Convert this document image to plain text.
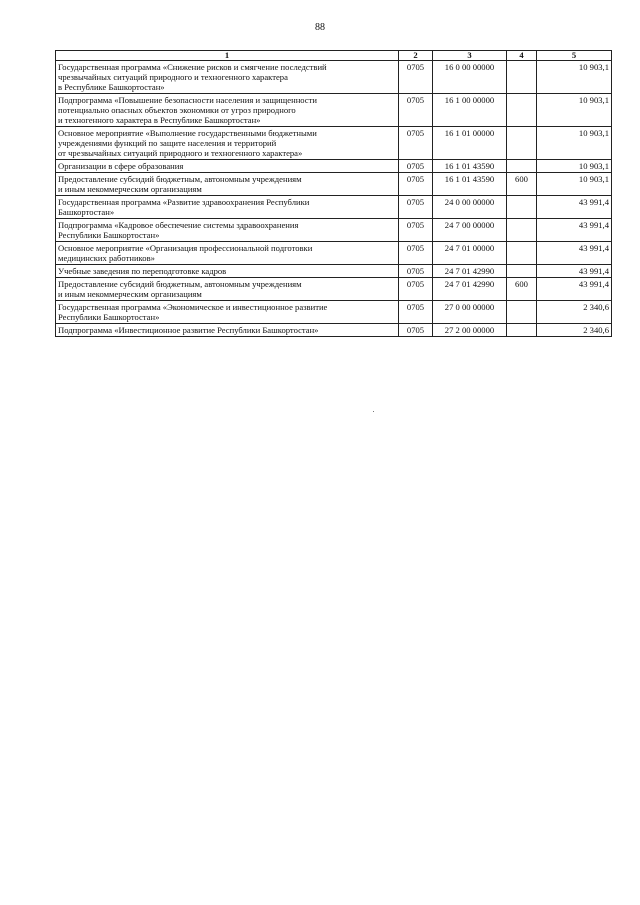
88
1	2	3	4	5

Государственная программа «Снижение рисков и смягчение последствий
чрезвычайных ситуаций природного и техногенного характера
в Республике Башкортостан»	0705	16 0 00 00000		10 903,1

Подпрограмма «Повышение безопасности населения и защищенности
потенциально опасных объектов экономики от угроз природного
и техногенного характера в Республике Башкортостан»	0705	16 1 00 00000		10 903,1

Основное мероприятие «Выполнение государственными бюджетными
учреждениями функций по защите населения и территорий
от чрезвычайных ситуаций природного и техногенного характера»	0705	16 1 01 00000		10 903,1

Организации в сфере образования	0705	16 1 01 43590		10 903,1

Предоставление субсидий бюджетным, автономным учреждениям
и иным некоммерческим организациям	0705	16 1 01 43590	600	10 903,1

Государственная программа «Развитие здравоохранения Республики
Башкортостан»	0705	24 0 00 00000		43 991,4

Подпрограмма «Кадровое обеспечение системы здравоохранения
Республики Башкортостан»	0705	24 7 00 00000		43 991,4

Основное мероприятие «Организация профессиональной подготовки
медицинских работников»	0705	24 7 01 00000		43 991,4

Учебные заведения по переподготовке кадров	0705	24 7 01 42990		43 991,4

Предоставление субсидий бюджетным, автономным учреждениям
и иным некоммерческим организациям	0705	24 7 01 42990	600	43 991,4

Государственная программа «Экономическое и инвестиционное развитие
Республики Башкортостан»	0705	27 0 00 00000		2 340,6

Подпрограмма «Инвестиционное развитие Республики Башкортостан»	0705	27 2 00 00000		2 340,6
